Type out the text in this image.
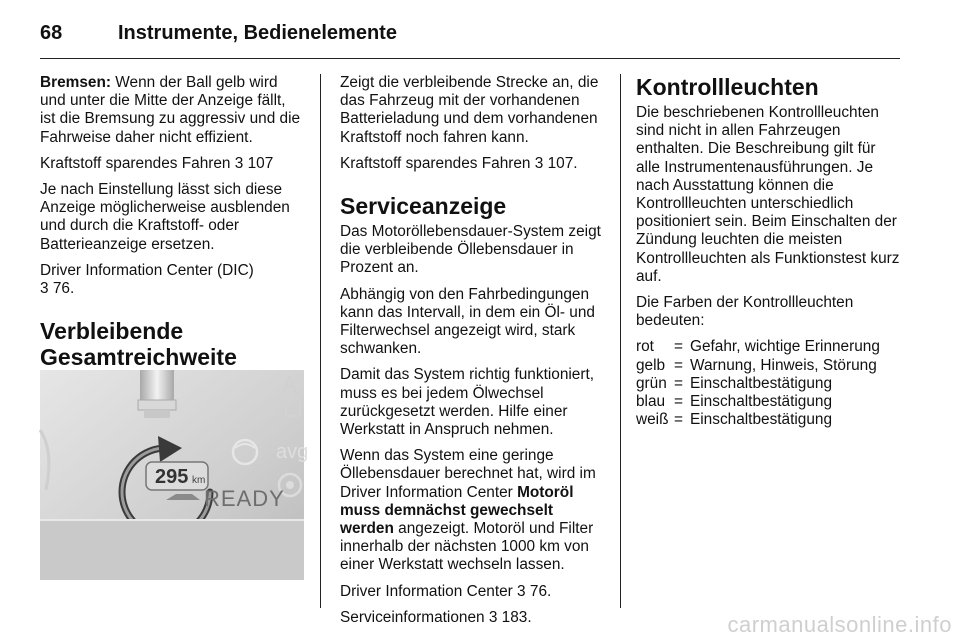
68	Instrumente, Bedienelemente

Bremsen: Wenn der Ball gelb wird und unter die Mitte der Anzeige fällt, ist die Bremsung zu aggressiv und die Fahrweise daher nicht effizient.

Kraftstoff sparendes Fahren 3 107

Je nach Einstellung lässt sich diese Anzeige möglicherweise ausblenden und durch die Kraftstoff- oder Batterieanzeige ersetzen.

Driver Information Center (DIC)
3 76.

Verbleibende
Gesamtreichweite
A
avg
295 km
READY

Zeigt die verbleibende Strecke an, die das Fahrzeug mit der vorhandenen Batterieladung und dem vorhandenen Kraftstoff noch fahren kann.

Kraftstoff sparendes Fahren 3 107.

Serviceanzeige

Das Motoröllebensdauer-System zeigt die verbleibende Öllebensdauer in Prozent an.

Abhängig von den Fahrbedingungen kann das Intervall, in dem ein Öl- und Filterwechsel angezeigt wird, stark schwanken.

Damit das System richtig funktioniert, muss es bei jedem Ölwechsel zurückgesetzt werden. Hilfe einer Werkstatt in Anspruch nehmen.

Wenn das System eine geringe Öllebensdauer berechnet hat, wird im Driver Information Center Motoröl muss demnächst gewechselt werden angezeigt. Motoröl und Filter innerhalb der nächsten 1000 km von einer Werkstatt wechseln lassen.

Driver Information Center 3 76.

Serviceinformationen 3 183.

Kontrollleuchten

Die beschriebenen Kontrollleuchten sind nicht in allen Fahrzeugen enthalten. Die Beschreibung gilt für alle Instrumentenausführungen. Je nach Ausstattung können die Kontrollleuchten unterschiedlich positioniert sein. Beim Einschalten der Zündung leuchten die meisten Kontrollleuchten als Funktionstest kurz auf.

Die Farben der Kontrollleuchten bedeuten:

rot	=	Gefahr, wichtige Erinnerung
gelb	=	Warnung, Hinweis, Störung
grün	=	Einschaltbestätigung
blau	=	Einschaltbestätigung
weiß	=	Einschaltbestätigung
carmanualsonline.info
